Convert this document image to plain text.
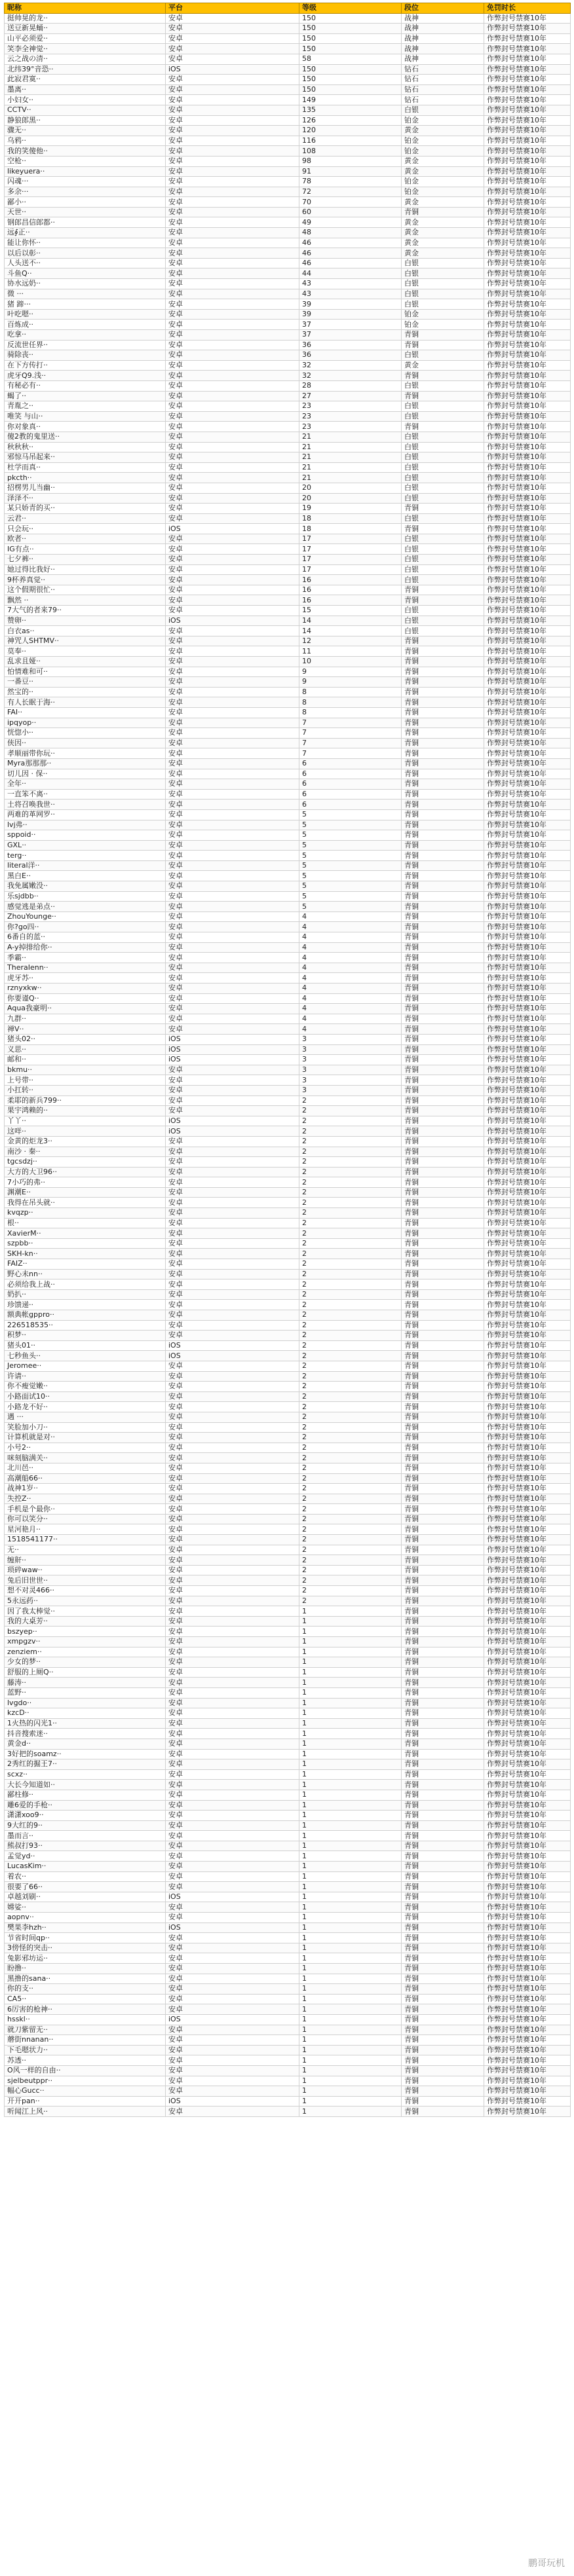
昵称	平台	等级	段位	免罚时长
挺帅晃的龙··	安卓	150	战神	作弊封号禁赛10年
送豆新晃蛹··	安卓	150	战神	作弊封号禁赛10年
山平必须爱··	安卓	150	战神	作弊封号禁赛10年
笑李全神觉··	安卓	150	战神	作弊封号禁赛10年
云之战の清··	安卓	58	战神	作弊封号禁赛10年
北纬39°音恐··	iOS	150	钻石	作弊封号禁赛10年
此寂君寞··	安卓	150	钻石	作弊封号禁赛10年
墨离··	安卓	150	钻石	作弊封号禁赛10年
小妇女··	安卓	149	钻石	作弊封号禁赛10年
CCTV··	安卓	135	白银	作弊封号禁赛10年
静狼郎黑··	安卓	126	铂金	作弊封号禁赛10年
骤无··	安卓	120	黄金	作弊封号禁赛10年
乌鸦··	安卓	116	铂金	作弊封号禁赛10年
我的笑傻他··	安卓	108	铂金	作弊封号禁赛10年
空枪··	安卓	98	黄金	作弊封号禁赛10年
likeyuera··	安卓	91	黄金	作弊封号禁赛10年
闪魂···	安卓	78	铂金	作弊封号禁赛10年
多余···	安卓	72	铂金	作弊封号禁赛10年
鄙小··	安卓	70	黄金	作弊封号禁赛10年
天世··	安卓	60	青铜	作弊封号禁赛10年
钢郎昌信郎都··	安卓	49	黄金	作弊封号禁赛10年
远∮正··	安卓	48	黄金	作弊封号禁赛10年
能让你怀··	安卓	46	黄金	作弊封号禁赛10年
以后以彰··	安卓	46	黄金	作弊封号禁赛10年
人头送不··	安卓	46	白银	作弊封号禁赛10年
斗鱼Q··	安卓	44	白银	作弊封号禁赛10年
协水远奶··	安卓	43	白银	作弊封号禁赛10年
微 ···	安卓	43	白银	作弊封号禁赛10年
猪 蹄···	安卓	39	白银	作弊封号禁赛10年
叶吃嗯··	安卓	39	铂金	作弊封号禁赛10年
百炼成··	安卓	37	铂金	作弊封号禁赛10年
吃拿··	安卓	37	青铜	作弊封号禁赛10年
反流世任界··	安卓	36	青铜	作弊封号禁赛10年
骑除丧··	安卓	36	白银	作弊封号禁赛10年
在下方传打··	安卓	32	黄金	作弊封号禁赛10年
虎牙Q9.浅··	安卓	32	青铜	作弊封号禁赛10年
有秘必有··	安卓	28	白银	作弊封号禁赛10年
蝎了··	安卓	27	青铜	作弊封号禁赛10年
青胤之··	安卓	23	白银	作弊封号禁赛10年
唯笑 与山··	安卓	23	白银	作弊封号禁赛10年
你对象真··	安卓	23	青铜	作弊封号禁赛10年
傻2教的鬼里送··	安卓	21	白银	作弊封号禁赛10年
秋秋秋··	安卓	21	白银	作弊封号禁赛10年
邪惊马吊起来··	安卓	21	白银	作弊封号禁赛10年
杜学而真··	安卓	21	白银	作弊封号禁赛10年
pkcth··	安卓	21	白银	作弊封号禁赛10年
招楞男儿当幽··	安卓	20	白银	作弊封号禁赛10年
泽泽不··	安卓	20	白银	作弊封号禁赛10年
某只娇青的买··	安卓	19	青铜	作弊封号禁赛10年
云君··	安卓	18	白银	作弊封号禁赛10年
只会玩··	iOS	18	青铜	作弊封号禁赛10年
欧者··	安卓	17	白银	作弊封号禁赛10年
IG有点··	安卓	17	白银	作弊封号禁赛10年
七夕裤··	安卓	17	白银	作弊封号禁赛10年
她过得比我好··	安卓	17	白银	作弊封号禁赛10年
9杯养真觉··	安卓	16	白银	作弊封号禁赛10年
这个假期很忙··	安卓	16	青铜	作弊封号禁赛10年
飘然 ··	安卓	16	青铜	作弊封号禁赛10年
7大气的者来79··	安卓	15	白银	作弊封号禁赛10年
赞卵··	iOS	14	白银	作弊封号禁赛10年
白衣as··	安卓	14	白银	作弊封号禁赛10年
神咒人SHTMV··	安卓	12	青铜	作弊封号禁赛10年
莫奉··	安卓	11	青铜	作弊封号禁赛10年
乱求且娅··	安卓	10	青铜	作弊封号禁赛10年
怕情难和可··	安卓	9	青铜	作弊封号禁赛10年
一番豆··	安卓	9	青铜	作弊封号禁赛10年
然宝的··	安卓	8	青铜	作弊封号禁赛10年
有人长眠于海··	安卓	8	青铜	作弊封号禁赛10年
FAI··	安卓	8	青铜	作弊封号禁赛10年
ipqyop··	安卓	7	青铜	作弊封号禁赛10年
恍惚小··	安卓	7	青铜	作弊封号禁赛10年
侠因··	安卓	7	青铜	作弊封号禁赛10年
孝顺丽带你玩··	安卓	7	青铜	作弊封号禁赛10年
Myra那那那··	安卓	6	青铜	作弊封号禁赛10年
切儿因 · 保··	安卓	6	青铜	作弊封号禁赛10年
全年··	安卓	6	青铜	作弊封号禁赛10年
一直笨不离··	安卓	6	青铜	作弊封号禁赛10年
土将召唤我世··	安卓	6	青铜	作弊封号禁赛10年
两难的革网罗··	安卓	5	青铜	作弊封号禁赛10年
lvj弗··	安卓	5	青铜	作弊封号禁赛10年
sppoid··	安卓	5	青铜	作弊封号禁赛10年
GXL··	安卓	5	青铜	作弊封号禁赛10年
terg··	安卓	5	青铜	作弊封号禁赛10年
literal洋··	安卓	5	青铜	作弊封号禁赛10年
黑白E··	安卓	5	青铜	作弊封号禁赛10年
我免属嫩没··	安卓	5	青铜	作弊封号禁赛10年
乐sjdbb··	安卓	5	青铜	作弊封号禁赛10年
感觉逃是弟点··	安卓	5	青铜	作弊封号禁赛10年
ZhouYounge··	安卓	4	青铜	作弊封号禁赛10年
你?go四··	安卓	4	青铜	作弊封号禁赛10年
6番自的蓝··	安卓	4	青铜	作弊封号禁赛10年
A-y掉排给你··	安卓	4	青铜	作弊封号禁赛10年
季霸··	安卓	4	青铜	作弊封号禁赛10年
TheraIenn··	安卓	4	青铜	作弊封号禁赛10年
虎牙苏··	安卓	4	青铜	作弊封号禁赛10年
rznyxkw··	安卓	4	青铜	作弊封号禁赛10年
你要谨Q··	安卓	4	青铜	作弊封号禁赛10年
Aqua我豪明··	安卓	4	青铜	作弊封号禁赛10年
九群··	安卓	4	青铜	作弊封号禁赛10年
禅V··	安卓	4	青铜	作弊封号禁赛10年
猪头02··	iOS	3	青铜	作弊封号禁赛10年
义思··	iOS	3	青铜	作弊封号禁赛10年
邮和··	iOS	3	青铜	作弊封号禁赛10年
bkmu··	安卓	3	青铜	作弊封号禁赛10年
上号带··	安卓	3	青铜	作弊封号禁赛10年
小扛转··	安卓	3	青铜	作弊封号禁赛10年
柔耶的新兵799··	安卓	2	青铜	作弊封号禁赛10年
果宇鸿赖的··	安卓	2	青铜	作弊封号禁赛10年
丫丫··	iOS	2	青铜	作弊封号禁赛10年
这咩··	iOS	2	青铜	作弊封号禁赛10年
金黄的炬龙3··	安卓	2	青铜	作弊封号禁赛10年
南沙 · 秦··	安卓	2	青铜	作弊封号禁赛10年
tgcsdzj··	安卓	2	青铜	作弊封号禁赛10年
大方的大卫96··	安卓	2	青铜	作弊封号禁赛10年
7小巧的弗··	安卓	2	青铜	作弊封号禁赛10年
渊潮E··	安卓	2	青铜	作弊封号禁赛10年
我得在吊头就··	安卓	2	青铜	作弊封号禁赛10年
kvqzp··	安卓	2	青铜	作弊封号禁赛10年
根··	安卓	2	青铜	作弊封号禁赛10年
XavierM··	安卓	2	青铜	作弊封号禁赛10年
szpbb··	安卓	2	青铜	作弊封号禁赛10年
SKH-kn··	安卓	2	青铜	作弊封号禁赛10年
FAIZ··	安卓	2	青铜	作弊封号禁赛10年
野心未nn··	安卓	2	青铜	作弊封号禁赛10年
必须给我上战··	安卓	2	青铜	作弊封号禁赛10年
奶扒··	安卓	2	青铜	作弊封号禁赛10年
珍馈递··	安卓	2	青铜	作弊封号禁赛10年
额典帐gppro··	安卓	2	青铜	作弊封号禁赛10年
226518535··	安卓	2	青铜	作弊封号禁赛10年
积梦··	安卓	2	青铜	作弊封号禁赛10年
猪头01··	iOS	2	青铜	作弊封号禁赛10年
七秒鱼头··	iOS	2	青铜	作弊封号禁赛10年
Jeromee··	安卓	2	青铜	作弊封号禁赛10年
许请··	安卓	2	青铜	作弊封号禁赛10年
你不瘦觉嫩··	安卓	2	青铜	作弊封号禁赛10年
小路面试10··	安卓	2	青铜	作弊封号禁赛10年
小路龙不好··	安卓	2	青铜	作弊封号禁赛10年
遇 ···	安卓	2	青铜	作弊封号禁赛10年
笑脸加小刀··	安卓	2	青铜	作弊封号禁赛10年
计算机就是对··	安卓	2	青铜	作弊封号禁赛10年
小号2··	安卓	2	青铜	作弊封号禁赛10年
咪刻脑满关··	安卓	2	青铜	作弊封号禁赛10年
北川邑··	安卓	2	青铜	作弊封号禁赛10年
高潮船66··	安卓	2	青铜	作弊封号禁赛10年
战神1岁··	安卓	2	青铜	作弊封号禁赛10年
失控Z··	安卓	2	青铜	作弊封号禁赛10年
手机是个最你··	安卓	2	青铜	作弊封号禁赛10年
你可以笑分··	安卓	2	青铜	作弊封号禁赛10年
星河艳月··	安卓	2	青铜	作弊封号禁赛10年
1518541177··	安卓	2	青铜	作弊封号禁赛10年
无··	安卓	2	青铜	作弊封号禁赛10年
缠鼾··	安卓	2	青铜	作弊封号禁赛10年
琐碎waw··	安卓	2	青铜	作弊封号禁赛10年
兔后旧世世··	安卓	2	青铜	作弊封号禁赛10年
想不对灵466··	安卓	2	青铜	作弊封号禁赛10年
5永远药··	安卓	2	青铜	作弊封号禁赛10年
因了我太棒觉··	安卓	1	青铜	作弊封号禁赛10年
我的大桌芳··	安卓	1	青铜	作弊封号禁赛10年
bszyep··	安卓	1	青铜	作弊封号禁赛10年
xmpgzv··	安卓	1	青铜	作弊封号禁赛10年
zenziem··	安卓	1	青铜	作弊封号禁赛10年
少女的梦··	安卓	1	青铜	作弊封号禁赛10年
舒服的上厕Q··	安卓	1	青铜	作弊封号禁赛10年
藤涛··	安卓	1	青铜	作弊封号禁赛10年
蓝野··	安卓	1	青铜	作弊封号禁赛10年
lvgdo··	安卓	1	青铜	作弊封号禁赛10年
kzcD··	安卓	1	青铜	作弊封号禁赛10年
1火热的闪光1··	安卓	1	青铜	作弊封号禁赛10年
抖音搜索迷··	安卓	1	青铜	作弊封号禁赛10年
黄金d··	安卓	1	青铜	作弊封号禁赛10年
3好把的soamz··	安卓	1	青铜	作弊封号禁赛10年
2秀红的掘王7··	安卓	1	青铜	作弊封号禁赛10年
scxz··	安卓	1	青铜	作弊封号禁赛10年
大长今知道如··	安卓	1	青铜	作弊封号禁赛10年
鄙柱修··	安卓	1	青铜	作弊封号禁赛10年
雕6爱的手枪··	安卓	1	青铜	作弊封号禁赛10年
潇潇xoo9··	安卓	1	青铜	作弊封号禁赛10年
9大红的9··	安卓	1	青铜	作弊封号禁赛10年
墨而言··	安卓	1	青铜	作弊封号禁赛10年
熊叔打93··	安卓	1	青铜	作弊封号禁赛10年
孟觉yd··	安卓	1	青铜	作弊封号禁赛10年
LucasKim··	安卓	1	青铜	作弊封号禁赛10年
着农··	安卓	1	青铜	作弊封号禁赛10年
很要了66··	安卓	1	青铜	作弊封号禁赛10年
卓越刘刷··	iOS	1	青铜	作弊封号禁赛10年
嫦娑··	安卓	1	青铜	作弊封号禁赛10年
aopnv··	安卓	1	青铜	作弊封号禁赛10年
樊果李hzh··	iOS	1	青铜	作弊封号禁赛10年
节省时间qp··	安卓	1	青铜	作弊封号禁赛10年
3傍怪的突击··	安卓	1	青铜	作弊封号禁赛10年
兔影邪坊运··	安卓	1	青铜	作弊封号禁赛10年
盼撸··	安卓	1	青铜	作弊封号禁赛10年
黑撸的sana··	安卓	1	青铜	作弊封号禁赛10年
你的支··	安卓	1	青铜	作弊封号禁赛10年
CA5··	安卓	1	青铜	作弊封号禁赛10年
6厉害的枪神··	安卓	1	青铜	作弊封号禁赛10年
hsskl··	iOS	1	青铜	作弊封号禁赛10年
就刀紫留无··	安卓	1	青铜	作弊封号禁赛10年
蘑街nnanan··	安卓	1	青铜	作弊封号禁赛10年
下毛嗯状力··	安卓	1	青铜	作弊封号禁赛10年
苏透··	安卓	1	青铜	作弊封号禁赛10年
O风一样的自由··	安卓	1	青铜	作弊封号禁赛10年
sjelbeutppr··	安卓	1	青铜	作弊封号禁赛10年
幅心Gucc··	安卓	1	青铜	作弊封号禁赛10年
开开pan··	iOS	1	青铜	作弊封号禁赛10年
听闻江上风··	安卓	1	青铜	作弊封号禁赛10年
鹏哥玩机
